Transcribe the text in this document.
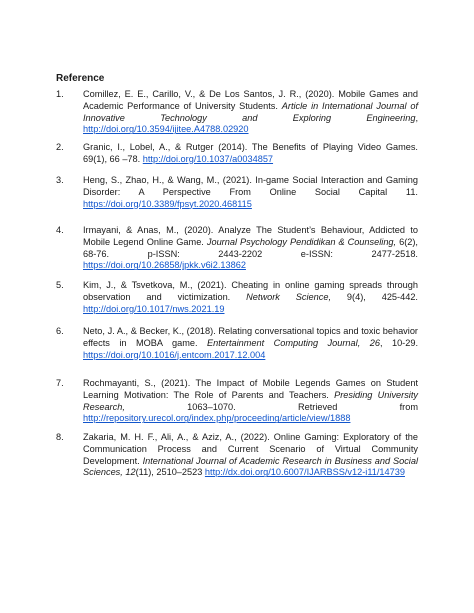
Reference
1.	Comillez, E. E., Carillo, V., & De Los Santos, J. R., (2020). Mobile Games and Academic Performance of University Students. Article in International Journal of Innovative Technology and Exploring Engineering, http://doi.org/10.3594/ijitee.A4788.02920
2.	Granic, I., Lobel, A., & Rutger (2014). The Benefits of Playing Video Games. 69(1), 66 –78. http://doi.org/10.1037/a0034857
3.	Heng, S., Zhao, H., & Wang, M., (2021). In-game Social Interaction and Gaming Disorder: A Perspective From Online Social Capital 11. https://doi.org/10.3389/fpsyt.2020.468115
4.	Irmayani, & Anas, M., (2020). Analyze The Student’s Behaviour, Addicted to Mobile Legend Online Game. Journal Psychology Pendidikan & Counseling, 6(2), 68-76. p-ISSN: 2443-2202 e-ISSN: 2477-2518. https://doi.org/10.26858/jpkk.v6i2.13862
5.	Kim, J., & Tsvetkova, M., (2021). Cheating in online gaming spreads through observation and victimization. Network Science, 9(4), 425-442. http://doi.org/10.1017/nws.2021.19
6.	Neto, J. A., & Becker, K., (2018). Relating conversational topics and toxic behavior effects in MOBA game. Entertainment Computing Journal, 26, 10-29. https://doi.org/10.1016/j.entcom.2017.12.004
7.	Rochmayanti, S., (2021). The Impact of Mobile Legends Games on Student Learning Motivation: The Role of Parents and Teachers. Presiding University Research, 1063–1070. Retrieved from http://repository.urecol.org/index.php/proceeding/article/view/1888
8.	Zakaria, M. H. F., Ali, A., & Aziz, A., (2022). Online Gaming: Exploratory of the Communication Process and Current Scenario of Virtual Community Development. International Journal of Academic Research in Business and Social Sciences, 12(11), 2510–2523 http://dx.doi.org/10.6007/IJARBSS/v12-i11/14739
